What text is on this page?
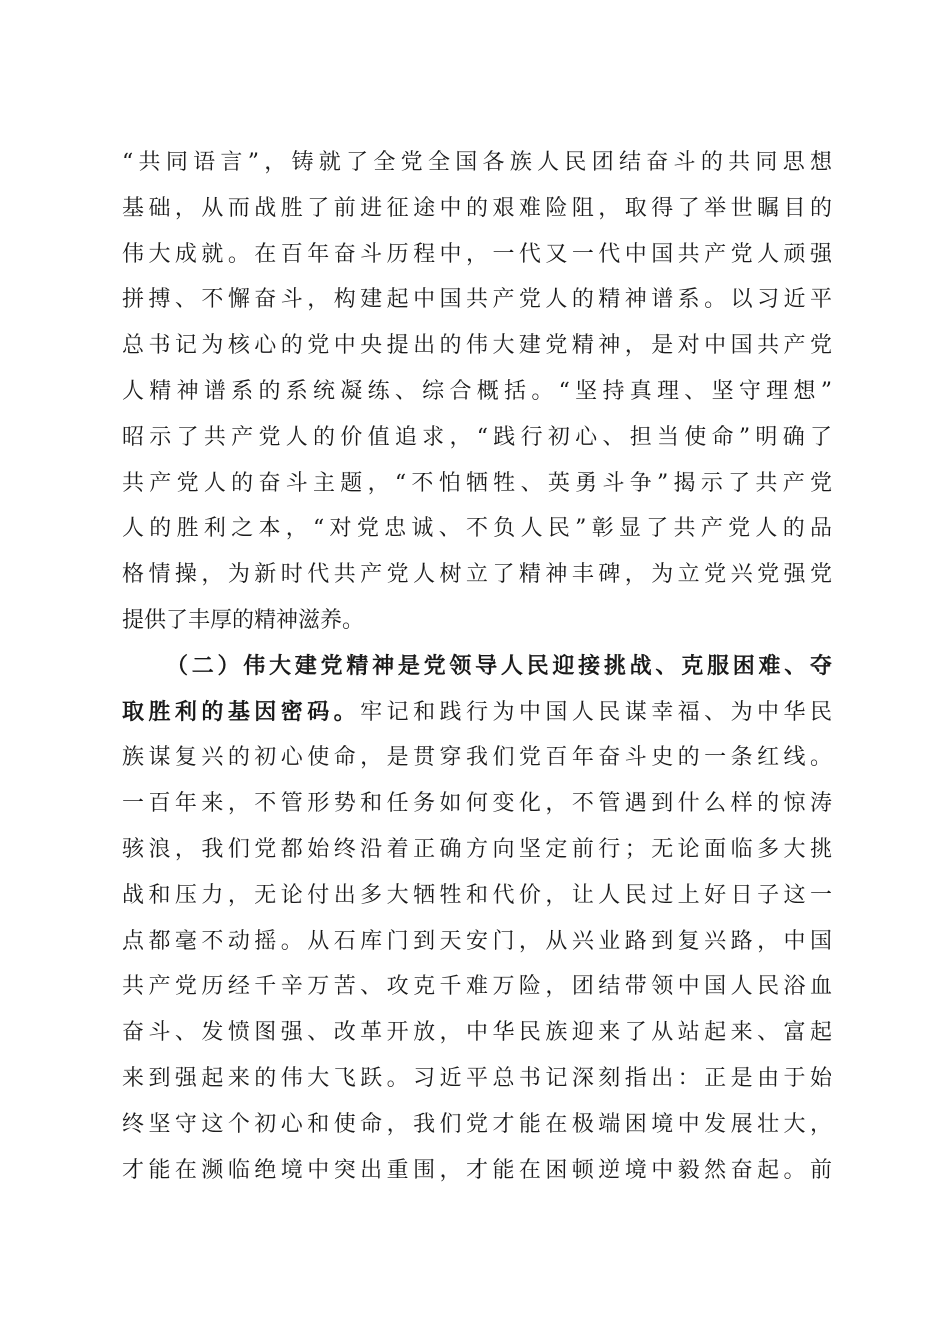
“共同语言”，铸就了全党全国各族人民团结奋斗的共同思想
基础，从而战胜了前进征途中的艰难险阻，取得了举世瞩目的
伟大成就。在百年奋斗历程中，一代又一代中国共产党人顽强
拼搏、不懈奋斗，构建起中国共产党人的精神谱系。以习近平
总书记为核心的党中央提出的伟大建党精神，是对中国共产党
人精神谱系的系统凝练、综合概括。“坚持真理、坚守理想”
昭示了共产党人的价值追求，“践行初心、担当使命”明确了
共产党人的奋斗主题，“不怕牺牲、英勇斗争”揭示了共产党
人的胜利之本，“对党忠诚、不负人民”彰显了共产党人的品
格情操，为新时代共产党人树立了精神丰碑，为立党兴党强党
提供了丰厚的精神滋养。
（二）伟大建党精神是党领导人民迎接挑战、克服困难、夺
取胜利的基因密码。牢记和践行为中国人民谋幸福、为中华民
族谋复兴的初心使命，是贯穿我们党百年奋斗史的一条红线。
一百年来，不管形势和任务如何变化，不管遇到什么样的惊涛
骇浪，我们党都始终沿着正确方向坚定前行；无论面临多大挑
战和压力，无论付出多大牺牲和代价，让人民过上好日子这一
点都毫不动摇。从石库门到天安门，从兴业路到复兴路，中国
共产党历经千辛万苦、攻克千难万险，团结带领中国人民浴血
奋斗、发愤图强、改革开放，中华民族迎来了从站起来、富起
来到强起来的伟大飞跃。习近平总书记深刻指出：正是由于始
终坚守这个初心和使命，我们党才能在极端困境中发展壮大，
才能在濒临绝境中突出重围，才能在困顿逆境中毅然奋起。前
